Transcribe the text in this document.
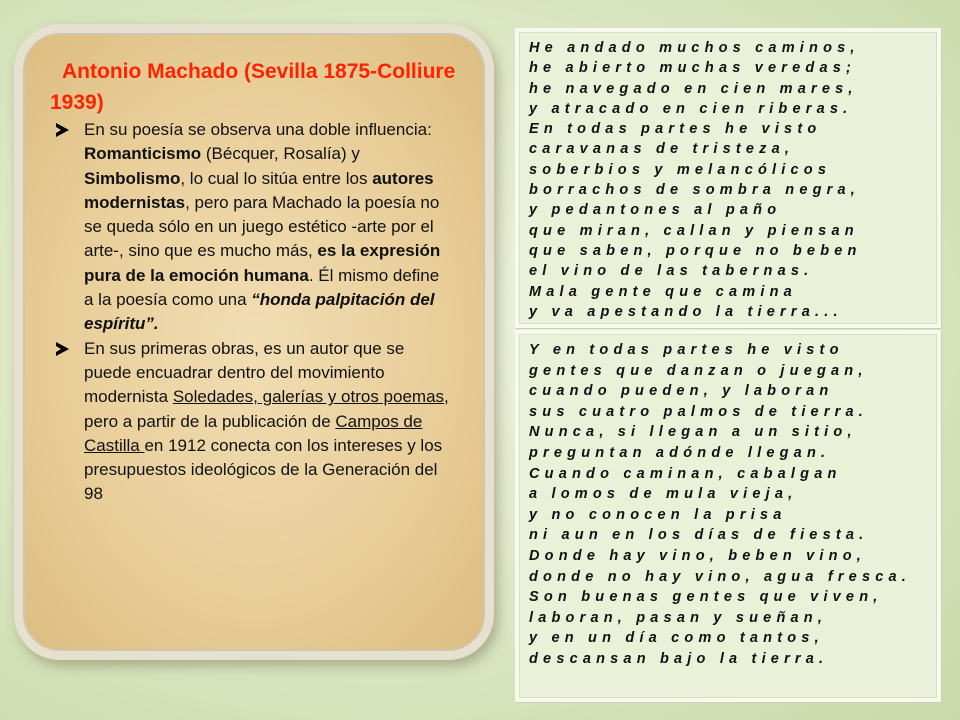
Antonio Machado (Sevilla 1875-Colliure 1939)
En su poesía se observa una doble influencia: Romanticismo (Bécquer, Rosalía) y Simbolismo, lo cual lo sitúa entre los autores modernistas, pero para Machado la poesía no se queda sólo en un juego estético -arte por el arte-, sino que es mucho más, es la expresión pura de la emoción humana. Él mismo define a la poesía como una “honda palpitación del espíritu”.
En sus primeras obras, es un autor que se puede encuadrar dentro del movimiento modernista Soledades, galerías y otros poemas, pero a partir de la publicación de Campos de Castilla en 1912 conecta con los intereses y los presupuestos ideológicos de la Generación del 98
He andado muchos caminos,
he abierto muchas veredas;
he navegado en cien mares,
y atracado en cien riberas.
En todas partes he visto
caravanas de tristeza,
soberbios y melancólicos
borrachos de sombra negra,
y pedantones al paño
que miran, callan y piensan
que saben, porque no beben
el vino de las tabernas.
Mala gente que camina
y va apestando la tierra...
Y en todas partes he visto
gentes que danzan o juegan,
cuando pueden, y laboran
sus cuatro palmos de tierra.
Nunca, si llegan a un sitio,
preguntan adónde llegan.
Cuando caminan, cabalgan
a lomos de mula vieja,
y no conocen la prisa
ni aun en los días de fiesta.
Donde hay vino, beben vino,
donde no hay vino, agua fresca.
Son buenas gentes que viven,
laboran, pasan y sueñan,
y en un día como tantos,
descansan bajo la tierra.
